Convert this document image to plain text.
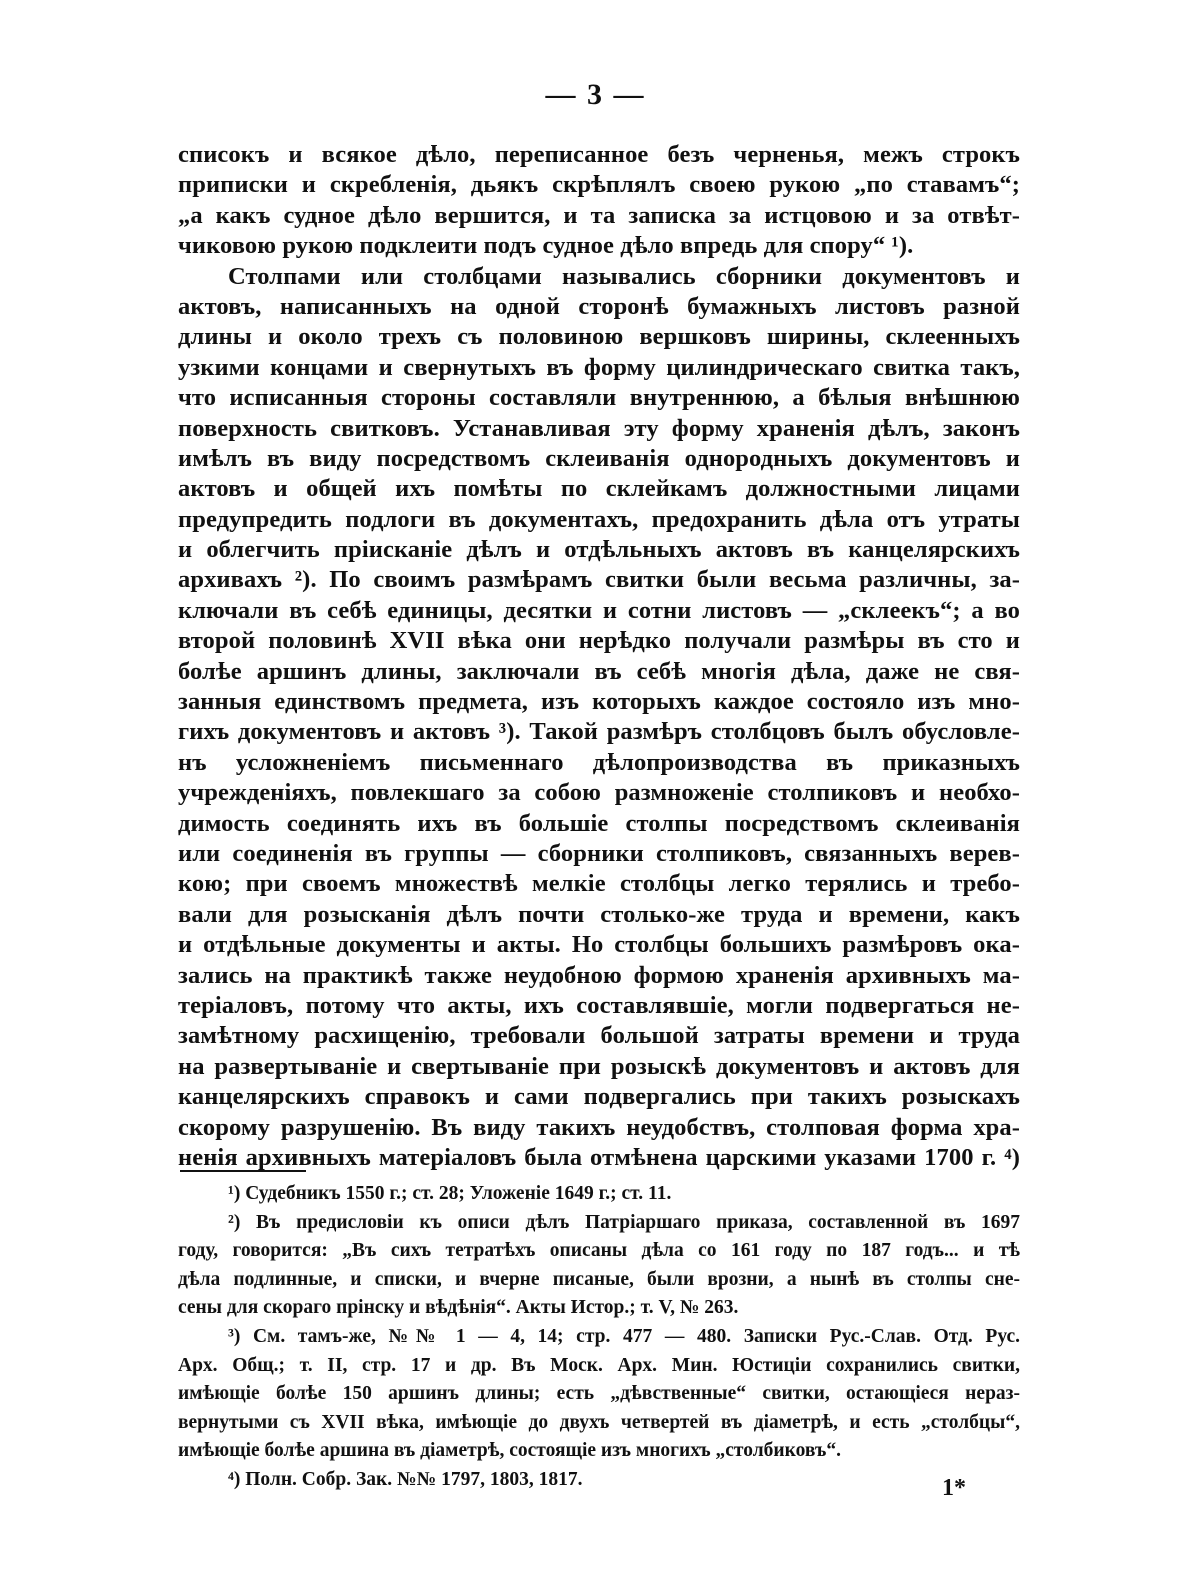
— 3 —
списокъ и всякое дѣло, переписанное безъ черненья, межъ строкъ
приписки и скребленія, дьякъ скрѣплялъ своею рукою „по ставамъ“;
„а какъ судное дѣло вершится, и та записка за истцовою и за отвѣт-
чиковою рукою подклеити подъ судное дѣло впредь для спору“ ¹).
Столпами или столбцами назывались сборники документовъ и
актовъ, написанныхъ на одной сторонѣ бумажныхъ листовъ разной
длины и около трехъ съ половиною вершковъ ширины, склеенныхъ
узкими концами и свернутыхъ въ форму цилиндрическаго свитка такъ,
что исписанныя стороны составляли внутреннюю, а бѣлыя внѣшнюю
поверхность свитковъ. Устанавливая эту форму храненія дѣлъ, законъ
имѣлъ въ виду посредствомъ склеиванія однородныхъ документовъ и
актовъ и общей ихъ помѣты по склейкамъ должностными лицами
предупредить подлоги въ документахъ, предохранить дѣла отъ утраты
и облегчить пріисканіе дѣлъ и отдѣльныхъ актовъ въ канцелярскихъ
архивахъ ²). По своимъ размѣрамъ свитки были весьма различны, за-
ключали въ себѣ единицы, десятки и сотни листовъ — „склеекъ“; а во
второй половинѣ XVII вѣка они нерѣдко получали размѣры въ сто и
болѣе аршинъ длины, заключали въ себѣ многія дѣла, даже не свя-
занныя единствомъ предмета, изъ которыхъ каждое состояло изъ мно-
гихъ документовъ и актовъ ³). Такой размѣръ столбцовъ былъ обусловле-
нъ усложненіемъ письменнаго дѣлопроизводства въ приказныхъ
учрежденіяхъ, повлекшаго за собою размноженіе столпиковъ и необхо-
димость соединять ихъ въ большіе столпы посредствомъ склеиванія
или соединенія въ группы — сборники столпиковъ, связанныхъ верев-
кою; при своемъ множествѣ мелкіе столбцы легко терялись и требо-
вали для розысканія дѣлъ почти столько-же труда и времени, какъ
и отдѣльные документы и акты. Но столбцы большихъ размѣровъ ока-
зались на практикѣ также неудобною формою храненія архивныхъ ма-
теріаловъ, потому что акты, ихъ составлявшіе, могли подвергаться не-
замѣтному расхищенію, требовали большой затраты времени и труда
на развертываніе и свертываніе при розыскѣ документовъ и актовъ для
канцелярскихъ справокъ и сами подвергались при такихъ розыскахъ
скорому разрушенію. Въ виду такихъ неудобствъ, столповая форма хра-
ненія архивныхъ матеріаловъ была отмѣнена царскими указами 1700 г. ⁴)
¹) Судебникъ 1550 г.; ст. 28; Уложеніе 1649 г.; ст. 11.
²) Въ предисловіи къ описи дѣлъ Патріаршаго приказа, составленной въ 1697
году, говорится: „Въ сихъ тетратѣхъ описаны дѣла со 161 году по 187 годъ... и тѣ
дѣла подлинные, и списки, и вчерне писаные, были врозни, а нынѣ въ столпы сне-
сены для скораго прінску и вѣдѣнія“. Акты Истор.; т. V, № 263.
³) См. тамъ-же, №№ 1 — 4, 14; стр. 477 — 480. Записки Рус.-Слав. Отд. Рус.
Арх. Общ.; т. II, стр. 17 и др. Въ Моск. Арх. Мин. Юстиціи сохранились свитки,
имѣющіе болѣе 150 аршинъ длины; есть „дѣвственные“ свитки, остающіеся нераз-
вернутыми съ XVII вѣка, имѣющіе до двухъ четвертей въ діаметрѣ, и есть „столбцы“,
имѣющіе болѣе аршина въ діаметрѣ, состоящіе изъ многихъ „столбиковъ“.
⁴) Полн. Собр. Зак. №№ 1797, 1803, 1817.	1*
